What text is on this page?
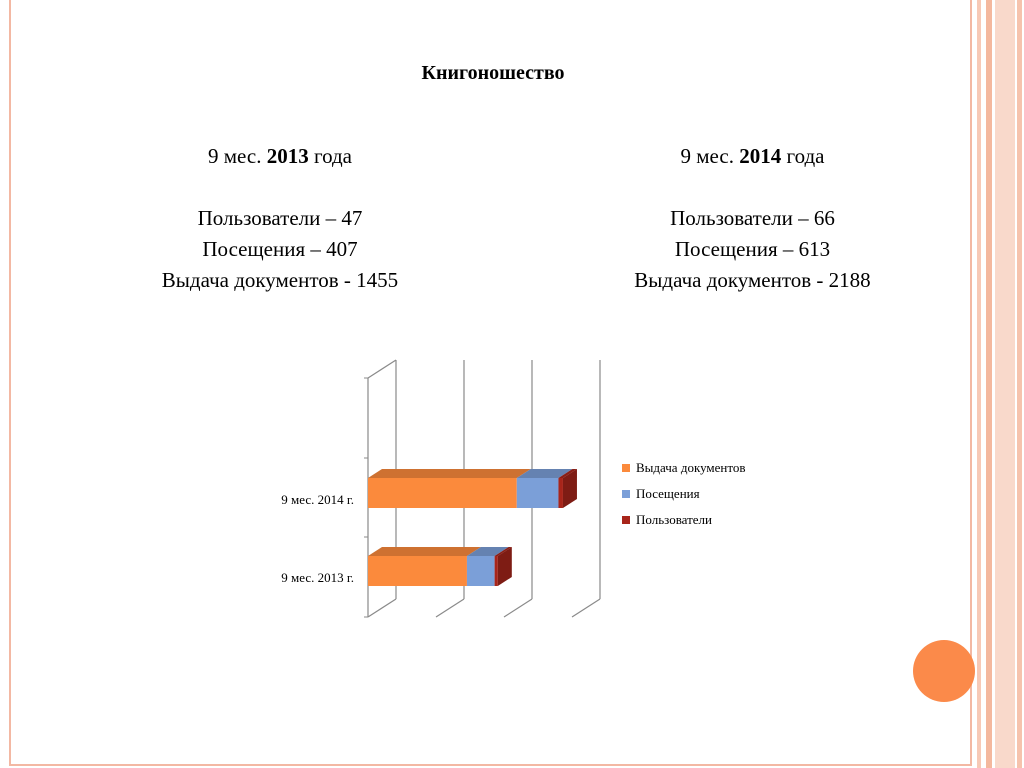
Книгоношество
9 мес. 2013 года
Пользователи – 47
Посещения – 407
Выдача документов - 1455
9 мес. 2014 года
Пользователи – 66
Посещения – 613
Выдача документов - 2188
9 мес. 2013 г.
9 мес. 2014 г.
Выдача документов
Посещения
Пользователи
